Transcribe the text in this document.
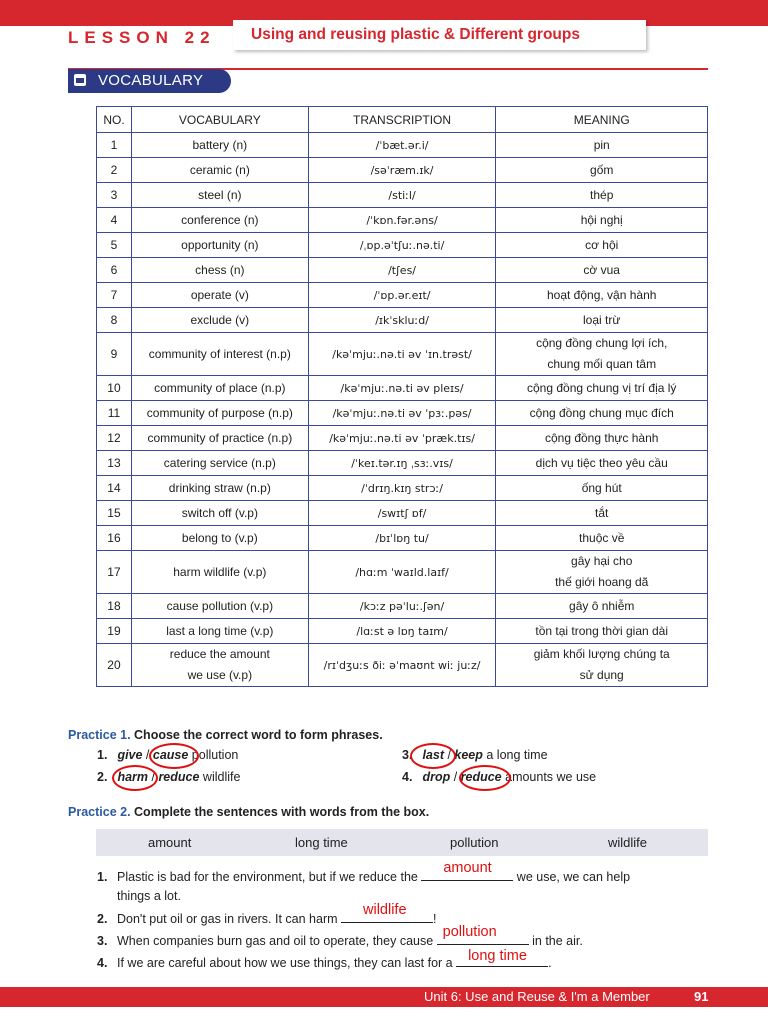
LESSON 22 Using and reusing plastic & Different groups
VOCABULARY
NO.	VOCABULARY	TRANSCRIPTION	MEANING
1	battery (n)	/ˈbæt.ər.i/	pin

2	ceramic (n)	/səˈræm.ɪk/	gốm

3	steel (n)	/stiːl/	thép

4	conference (n)	/ˈkɒn.fər.əns/	hội nghị

5	opportunity (n)	/ˌɒp.əˈtʃuː.nə.ti/	cơ hội

6	chess (n)	/tʃes/	cờ vua

7	operate (v)	/ˈɒp.ər.eɪt/	hoạt động, vận hành

8	exclude (v)	/ɪkˈskluːd/	loại trừ

9	community of interest (n.p)	/kəˈmjuː.nə.ti əv ˈɪn.trəst/	cộng đồng chung lợi ích,
chung mối quan tâm

10	community of place (n.p)	/kəˈmjuː.nə.ti əv pleɪs/	cộng đồng chung vị trí địa lý

11	community of purpose (n.p)	/kəˈmjuː.nə.ti əv ˈpɜː.pəs/	cộng đồng chung mục đích

12	community of practice (n.p)	/kəˈmjuː.nə.ti əv ˈpræk.tɪs/	cộng đồng thực hành

13	catering service (n.p)	/ˈkeɪ.tər.ɪŋ ˌsɜː.vɪs/	dịch vụ tiệc theo yêu cầu

14	drinking straw (n.p)	/ˈdrɪŋ.kɪŋ strɔː/	ống hút

15	switch off (v.p)	/swɪtʃ ɒf/	tắt

16	belong to (v.p)	/bɪˈlɒŋ tu/	thuộc về

17	harm wildlife (v.p)	/hɑːm ˈwaɪld.laɪf/	gây hại cho
thế giới hoang dã

18	cause pollution (v.p)	/kɔːz pəˈluː.ʃən/	gây ô nhiễm

19	last a long time (v.p)	/lɑːst ə lɒŋ taɪm/	tồn tại trong thời gian dài

20	reduce the amount
we use (v.p)	/rɪˈdʒuːs ðiː əˈmaʊnt wiː juːz/	giảm khối lượng chúng ta
sử dụng
Practice 1. Choose the correct word to form phrases.
1. give / cause pollution
2. harm / reduce wildlife
3. last / keep a long time
4. drop / reduce amounts we use
Practice 2. Complete the sentences with words from the box.
amount	long time	pollution	wildlife
1. Plastic is bad for the environment, but if we reduce the
amount
we use, we can help
things a lot.
2. Don't put oil or gas in rivers. It can harm
wildlife
!
3. When companies burn gas and oil to operate, they cause
pollution
in the air.
4. If we are careful about how we use things, they can last for a long time .
Unit 6: Use and Reuse & I'm a Member	91
